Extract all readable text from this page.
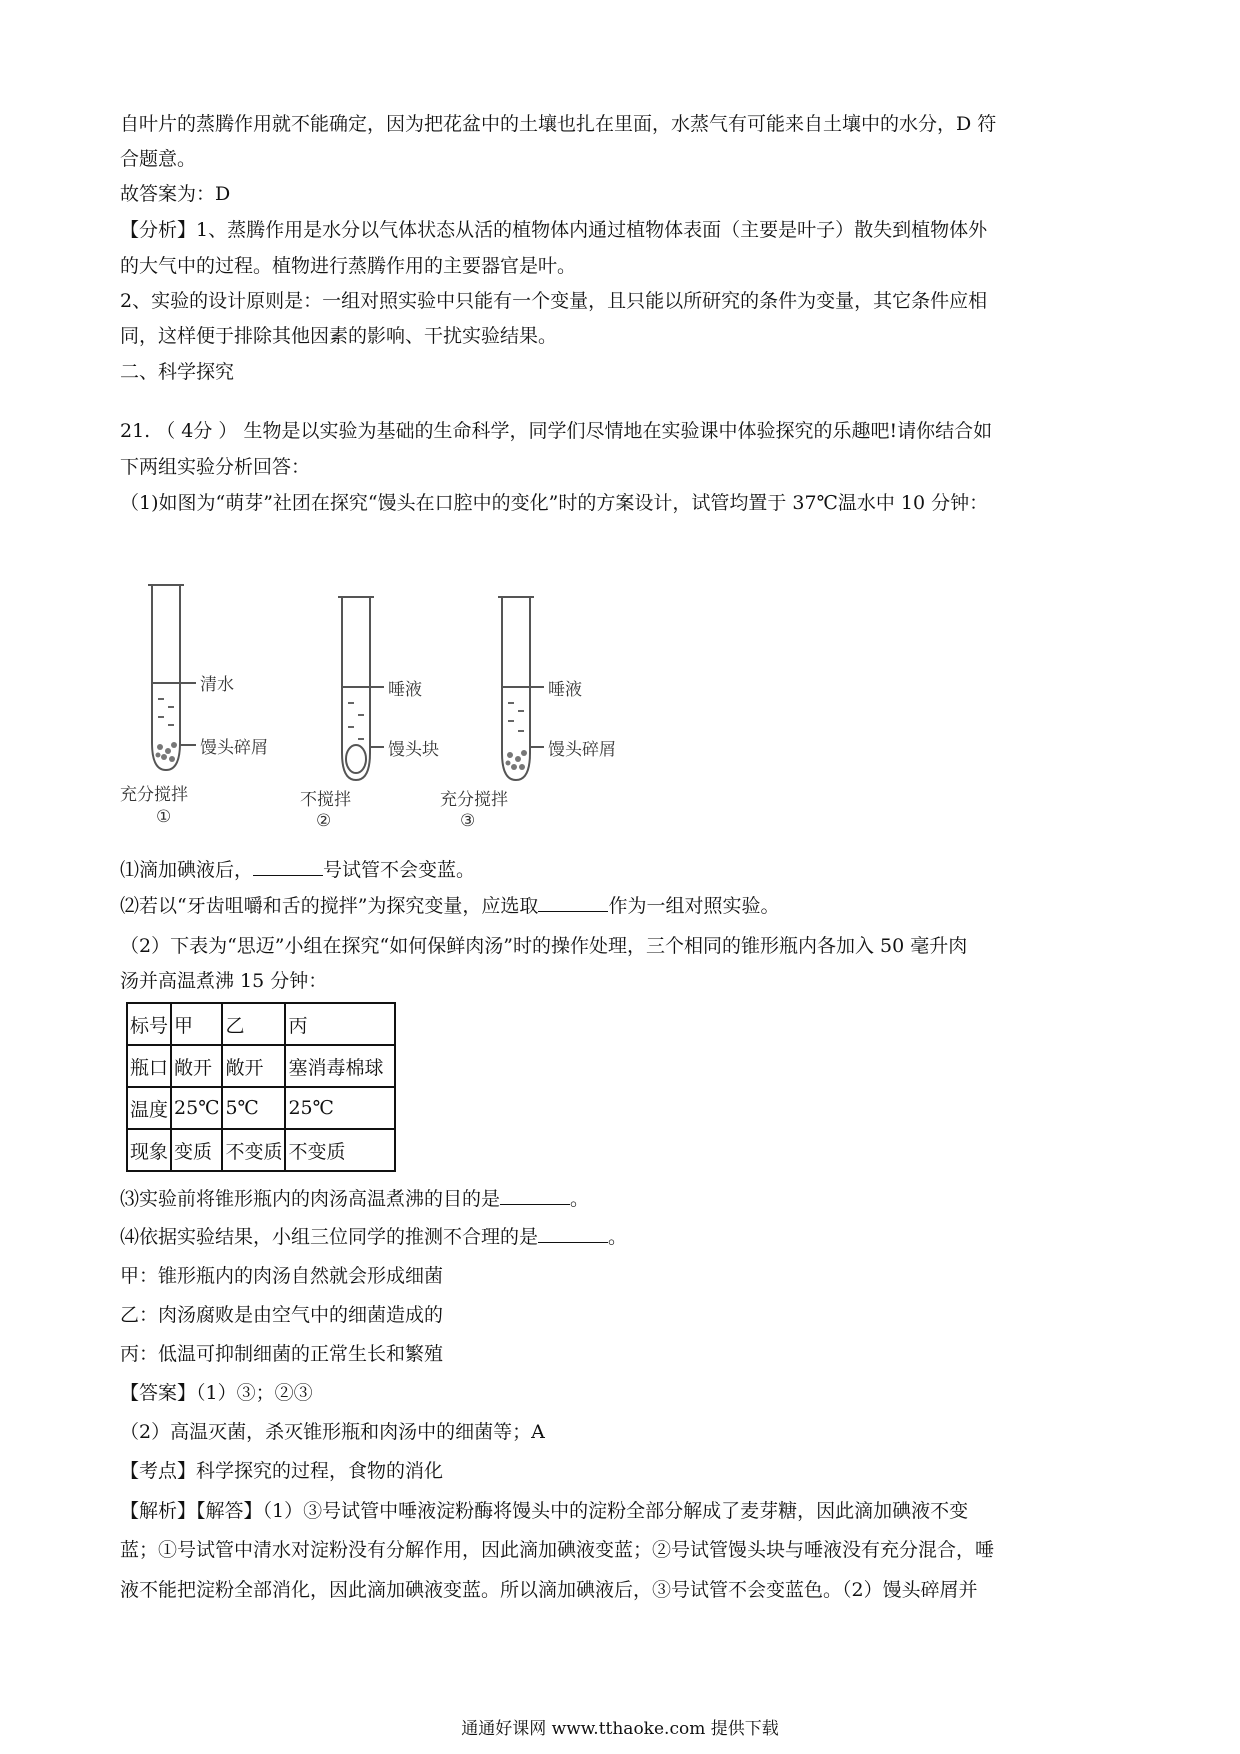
自叶片的蒸腾作用就不能确定，因为把花盆中的土壤也扎在里面，水蒸气有可能来自土壤中的水分，D 符
合题意。
故答案为：D
【分析】1、蒸腾作用是水分以气体状态从活的植物体内通过植物体表面（主要是叶子）散失到植物体外
的大气中的过程。植物进行蒸腾作用的主要器官是叶。
2、实验的设计原则是：一组对照实验中只能有一个变量，且只能以所研究的条件为变量，其它条件应相
同，这样便于排除其他因素的影响、干扰实验结果。
二、科学探究
21. （ 4分 ） 生物是以实验为基础的生命科学，同学们尽情地在实验课中体验探究的乐趣吧!请你结合如
下两组实验分析回答：
（1)如图为“萌芽”社团在探究“馒头在口腔中的变化”时的方案设计，试管均置于 37℃温水中 10 分钟：
清水
馒头碎屑
充分搅拌
①
唾液
馒头块
不搅拌
②
唾液
馒头碎屑
充分搅拌
③
⑴滴加碘液后，	号试管不会变蓝。
⑵若以“牙齿咀嚼和舌的搅拌”为探究变量，应选取	作为一组对照实验。
（2）下表为“思迈”小组在探究“如何保鲜肉汤”时的操作处理，三个相同的锥形瓶内各加入 50 毫升肉
汤并高温煮沸 15 分钟：
标号	甲	乙	丙
瓶口	敞开	敞开	塞消毒棉球
温度	25℃	5℃	25℃
现象	变质	不变质	不变质
⑶实验前将锥形瓶内的肉汤高温煮沸的目的是	。
⑷依据实验结果，小组三位同学的推测不合理的是	。
甲：锥形瓶内的肉汤自然就会形成细菌
乙：肉汤腐败是由空气中的细菌造成的
丙：低温可抑制细菌的正常生长和繁殖
【答案】（1）③；②③
（2）高温灭菌，杀灭锥形瓶和肉汤中的细菌等；A
【考点】科学探究的过程，食物的消化
【解析】【解答】（1）③号试管中唾液淀粉酶将馒头中的淀粉全部分解成了麦芽糖，因此滴加碘液不变
蓝；①号试管中清水对淀粉没有分解作用，因此滴加碘液变蓝；②号试管馒头块与唾液没有充分混合，唾
液不能把淀粉全部消化，因此滴加碘液变蓝。所以滴加碘液后，③号试管不会变蓝色。（2）馒头碎屑并
通通好课网 www.tthaoke.com 提供下载
